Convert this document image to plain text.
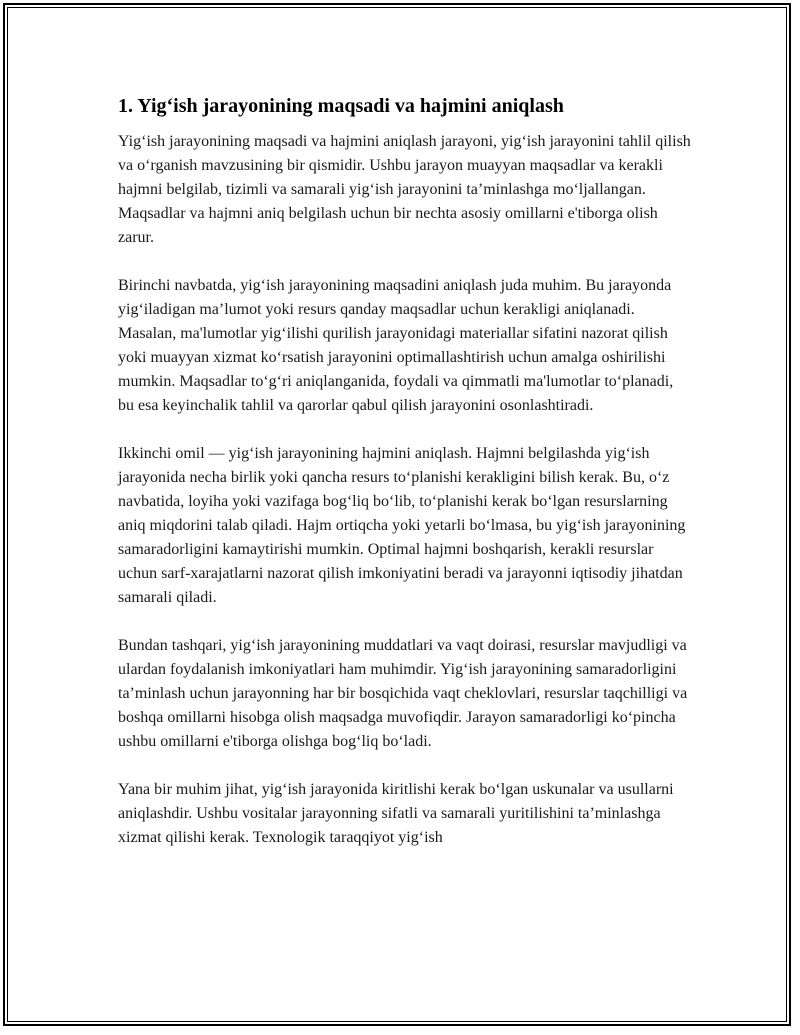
1. Yig‘ish jarayonining maqsadi va hajmini aniqlash

Yig‘ish jarayonining maqsadi va hajmini aniqlash jarayoni, yig‘ish jarayonini tahlil qilish va o‘rganish mavzusining bir qismidir. Ushbu jarayon muayyan maqsadlar va kerakli hajmni belgilab, tizimli va samarali yig‘ish jarayonini ta’minlashga mo‘ljallangan. Maqsadlar va hajmni aniq belgilash uchun bir nechta asosiy omillarni e'tiborga olish zarur.

Birinchi navbatda, yig‘ish jarayonining maqsadini aniqlash juda muhim. Bu jarayonda yig‘iladigan ma’lumot yoki resurs qanday maqsadlar uchun kerakligi aniqlanadi. Masalan, ma'lumotlar yig‘ilishi qurilish jarayonidagi materiallar sifatini nazorat qilish yoki muayyan xizmat ko‘rsatish jarayonini optimallashtirish uchun amalga oshirilishi mumkin. Maqsadlar to‘g‘ri aniqlanganida, foydali va qimmatli ma'lumotlar to‘planadi, bu esa keyinchalik tahlil va qarorlar qabul qilish jarayonini osonlashtiradi.

Ikkinchi omil — yig‘ish jarayonining hajmini aniqlash. Hajmni belgilashda yig‘ish jarayonida necha birlik yoki qancha resurs to‘planishi kerakligini bilish kerak. Bu, o‘z navbatida, loyiha yoki vazifaga bog‘liq bo‘lib, to‘planishi kerak bo‘lgan resurslarning aniq miqdorini talab qiladi. Hajm ortiqcha yoki yetarli bo‘lmasa, bu yig‘ish jarayonining samaradorligini kamaytirishi mumkin. Optimal hajmni boshqarish, kerakli resurslar uchun sarf-xarajatlarni nazorat qilish imkoniyatini beradi va jarayonni iqtisodiy jihatdan samarali qiladi.

Bundan tashqari, yig‘ish jarayonining muddatlari va vaqt doirasi, resurslar mavjudligi va ulardan foydalanish imkoniyatlari ham muhimdir. Yig‘ish jarayonining samaradorligini ta’minlash uchun jarayonning har bir bosqichida vaqt cheklovlari, resurslar taqchilligi va boshqa omillarni hisobga olish maqsadga muvofiqdir. Jarayon samaradorligi ko‘pincha ushbu omillarni e'tiborga olishga bog‘liq bo‘ladi.

Yana bir muhim jihat, yig‘ish jarayonida kiritlishi kerak bo‘lgan uskunalar va usullarni aniqlashdir. Ushbu vositalar jarayonning sifatli va samarali yuritilishini ta’minlashga xizmat qilishi kerak. Texnologik taraqqiyot yig‘ish
